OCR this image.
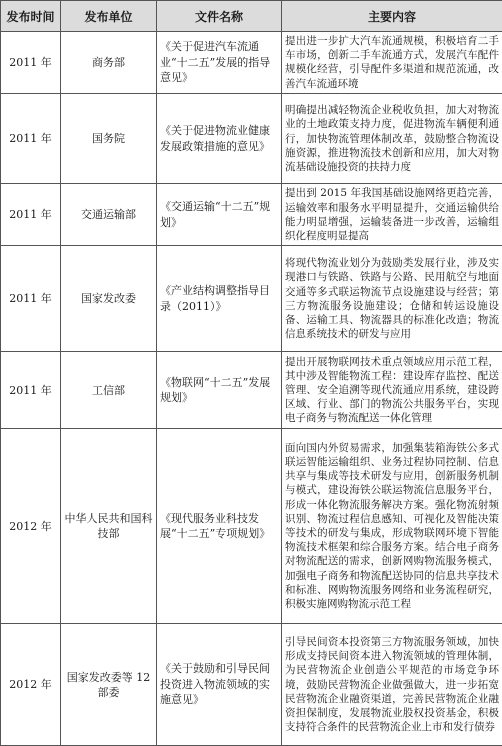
发布时间	发布单位	文件名称	主要内容
2011 年	商务部	《关于促进汽车流通业“十二五”发展的指导意见》	提出进一步扩大汽车流通规模，积极培育二手车市场，创新二手车流通方式，发展汽车配件规模化经营，引导配件多渠道和规范流通，改善汽车流通环境
2011 年	国务院	《关于促进物流业健康发展政策措施的意见》	明确提出减轻物流企业税收负担，加大对物流业的土地政策支持力度，促进物流车辆便利通行，加快物流管理体制改革，鼓励整合物流设施资源，推进物流技术创新和应用，加大对物流基础设施投资的扶持力度
2011 年	交通运输部	《交通运输“十二五”规划》	提出到 2015 年我国基础设施网络更趋完善，运输效率和服务水平明显提升，交通运输供给能力明显增强，运输装备进一步改善，运输组织化程度明显提高
2011 年	国家发改委	《产业结构调整指导目录（2011）》	将现代物流业划分为鼓励类发展行业，涉及实现港口与铁路、铁路与公路、民用航空与地面交通等多式联运物流节点设施建设与经营；第三方物流服务设施建设；仓储和转运设施设备、运输工具、物流器具的标准化改造；物流信息系统技术的研发与应用
2011 年	工信部	《物联网“十二五”发展规划》	提出开展物联网技术重点领域应用示范工程，其中涉及智能物流工程：建设库存监控、配送管理、安全追溯等现代流通应用系统，建设跨区域、行业、部门的物流公共服务平台，实现电子商务与物流配送一体化管理
2012 年	中华人民共和国科技部	《现代服务业科技发展“十二五”专项规划》	面向国内外贸易需求，加强集装箱海铁公多式联运智能运输组织、业务过程协同控制、信息共享与集成等技术研发与应用，创新服务机制与模式，建设海铁公联运物流信息服务平台，形成一体化物流服务解决方案。强化物流射频识别、物流过程信息感知、可视化及智能决策等技术的研发与集成，形成物联网环境下智能物流技术框架和综合服务方案。结合电子商务对物流配送的需求，创新网购物流服务模式，加强电子商务和物流配送协同的信息共享技术和标准、网购物流服务网络和业务流程研究，积极实施网购物流示范工程
2012 年	国家发改委等 12 部委	《关于鼓励和引导民间投资进入物流领域的实施意见》	引导民间资本投资第三方物流服务领域，加快形成支持民间资本进入物流领域的管理体制，为民营物流企业创造公平规范的市场竞争环境，鼓励民营物流企业做强做大，进一步拓宽民营物流企业融资渠道，完善民营物流企业融资担保制度，发展物流业股权投资基金，积极支持符合条件的民营物流企业上市和发行债券
